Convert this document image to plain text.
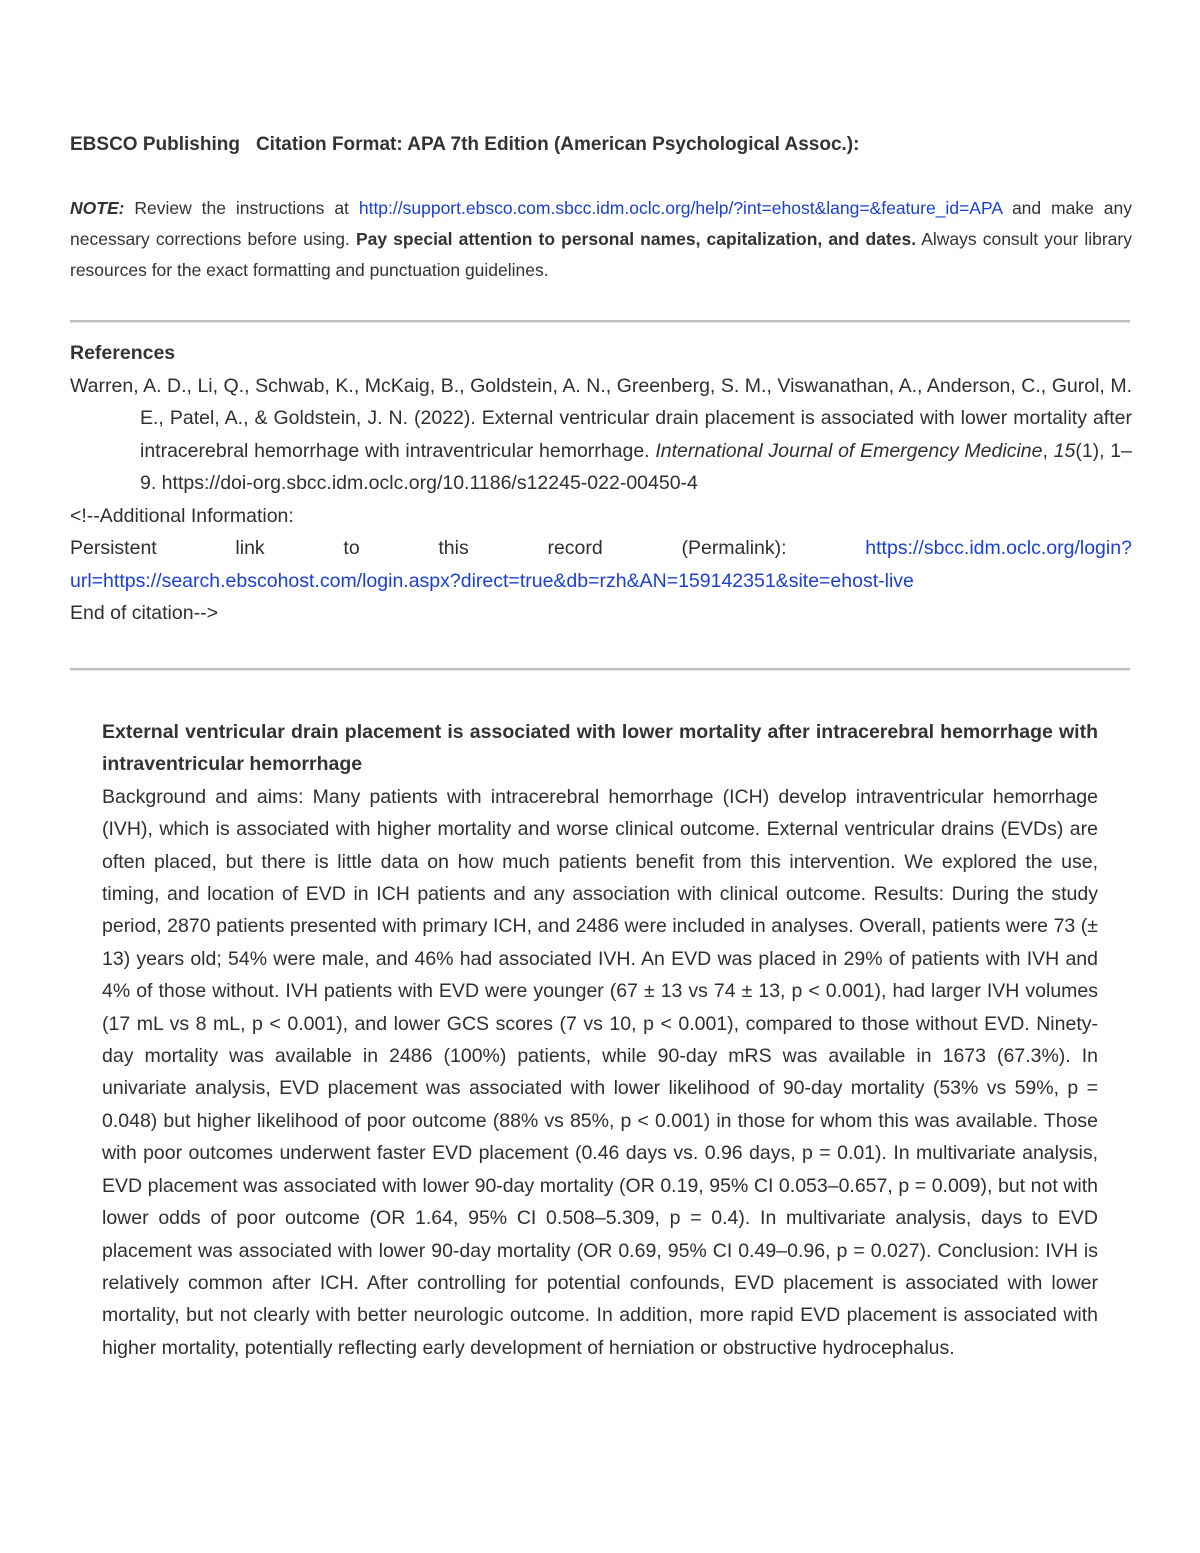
EBSCO Publishing Citation Format: APA 7th Edition (American Psychological Assoc.):
NOTE: Review the instructions at http://support.ebsco.com.sbcc.idm.oclc.org/help/?int=ehost&lang=&feature_id=APA and make any necessary corrections before using. Pay special attention to personal names, capitalization, and dates. Always consult your library resources for the exact formatting and punctuation guidelines.
References
Warren, A. D., Li, Q., Schwab, K., McKaig, B., Goldstein, A. N., Greenberg, S. M., Viswanathan, A., Anderson, C., Gurol, M. E., Patel, A., & Goldstein, J. N. (2022). External ventricular drain placement is associated with lower mortality after intracerebral hemorrhage with intraventricular hemorrhage. International Journal of Emergency Medicine, 15(1), 1–9. https://doi-org.sbcc.idm.oclc.org/10.1186/s12245-022-00450-4
<!--Additional Information:
Persistent	link	to	this	record	(Permalink):	https://sbcc.idm.oclc.org/login?
url=https://search.ebscohost.com/login.aspx?direct=true&db=rzh&AN=159142351&site=ehost-live
End of citation-->
External ventricular drain placement is associated with lower mortality after intracerebral hemorrhage with intraventricular hemorrhage
Background and aims: Many patients with intracerebral hemorrhage (ICH) develop intraventricular hemorrhage (IVH), which is associated with higher mortality and worse clinical outcome. External ventricular drains (EVDs) are often placed, but there is little data on how much patients benefit from this intervention. We explored the use, timing, and location of EVD in ICH patients and any association with clinical outcome. Results: During the study period, 2870 patients presented with primary ICH, and 2486 were included in analyses. Overall, patients were 73 (± 13) years old; 54% were male, and 46% had associated IVH. An EVD was placed in 29% of patients with IVH and 4% of those without. IVH patients with EVD were younger (67 ± 13 vs 74 ± 13, p < 0.001), had larger IVH volumes (17 mL vs 8 mL, p < 0.001), and lower GCS scores (7 vs 10, p < 0.001), compared to those without EVD. Ninety-day mortality was available in 2486 (100%) patients, while 90-day mRS was available in 1673 (67.3%). In univariate analysis, EVD placement was associated with lower likelihood of 90-day mortality (53% vs 59%, p = 0.048) but higher likelihood of poor outcome (88% vs 85%, p < 0.001) in those for whom this was available. Those with poor outcomes underwent faster EVD placement (0.46 days vs. 0.96 days, p = 0.01). In multivariate analysis, EVD placement was associated with lower 90-day mortality (OR 0.19, 95% CI 0.053–0.657, p = 0.009), but not with lower odds of poor outcome (OR 1.64, 95% CI 0.508–5.309, p = 0.4). In multivariate analysis, days to EVD placement was associated with lower 90-day mortality (OR 0.69, 95% CI 0.49–0.96, p = 0.027). Conclusion: IVH is relatively common after ICH. After controlling for potential confounds, EVD placement is associated with lower mortality, but not clearly with better neurologic outcome. In addition, more rapid EVD placement is associated with higher mortality, potentially reflecting early development of herniation or obstructive hydrocephalus.
